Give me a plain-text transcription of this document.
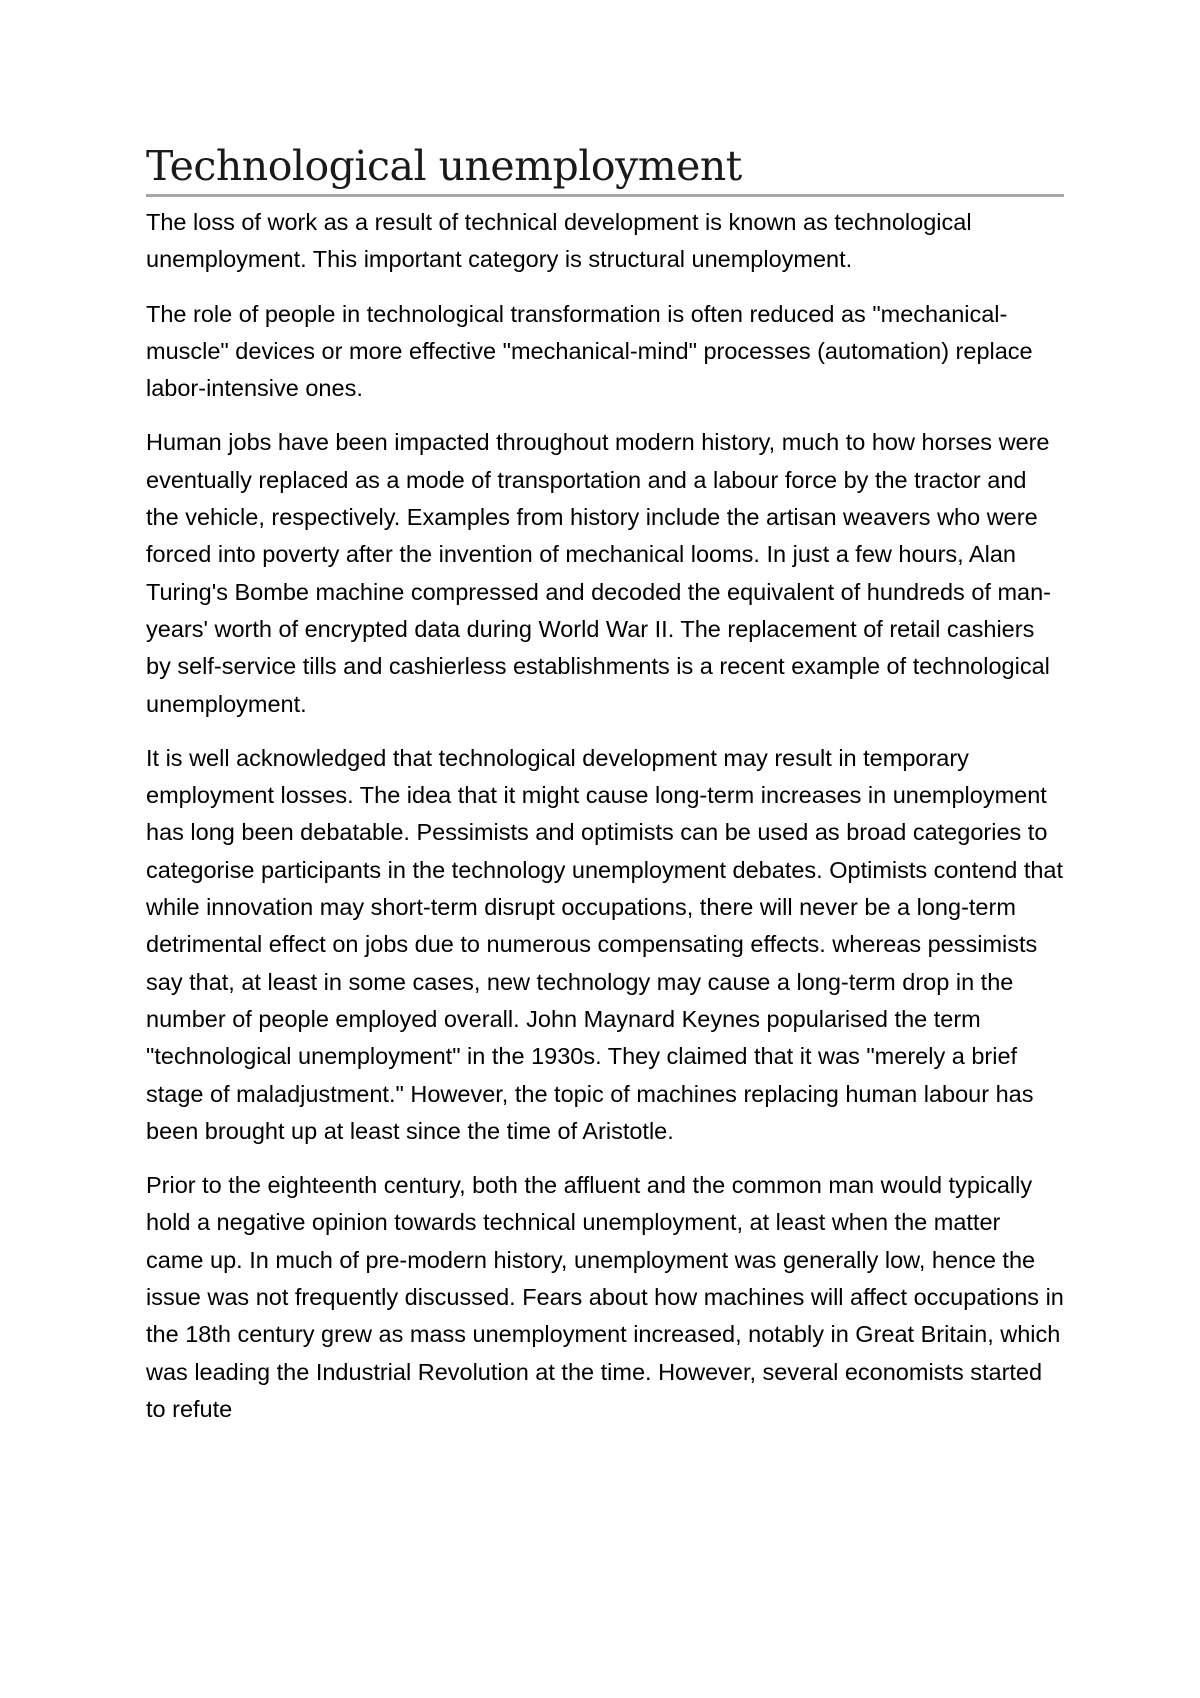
Technological unemployment

The loss of work as a result of technical development is known as technological unemployment. This important category is structural unemployment.

The role of people in technological transformation is often reduced as "mechanical-muscle" devices or more effective "mechanical-mind" processes (automation) replace labor-intensive ones.

Human jobs have been impacted throughout modern history, much to how horses were eventually replaced as a mode of transportation and a labour force by the tractor and the vehicle, respectively. Examples from history include the artisan weavers who were forced into poverty after the invention of mechanical looms. In just a few hours, Alan Turing's Bombe machine compressed and decoded the equivalent of hundreds of man-years' worth of encrypted data during World War II. The replacement of retail cashiers by self-service tills and cashierless establishments is a recent example of technological unemployment.

It is well acknowledged that technological development may result in temporary employment losses. The idea that it might cause long-term increases in unemployment has long been debatable. Pessimists and optimists can be used as broad categories to categorise participants in the technology unemployment debates. Optimists contend that while innovation may short-term disrupt occupations, there will never be a long-term detrimental effect on jobs due to numerous compensating effects. whereas pessimists say that, at least in some cases, new technology may cause a long-term drop in the number of people employed overall. John Maynard Keynes popularised the term "technological unemployment" in the 1930s. They claimed that it was "merely a brief stage of maladjustment." However, the topic of machines replacing human labour has been brought up at least since the time of Aristotle.

Prior to the eighteenth century, both the affluent and the common man would typically hold a negative opinion towards technical unemployment, at least when the matter came up. In much of pre-modern history, unemployment was generally low, hence the issue was not frequently discussed. Fears about how machines will affect occupations in the 18th century grew as mass unemployment increased, notably in Great Britain, which was leading the Industrial Revolution at the time. However, several economists started to refute
